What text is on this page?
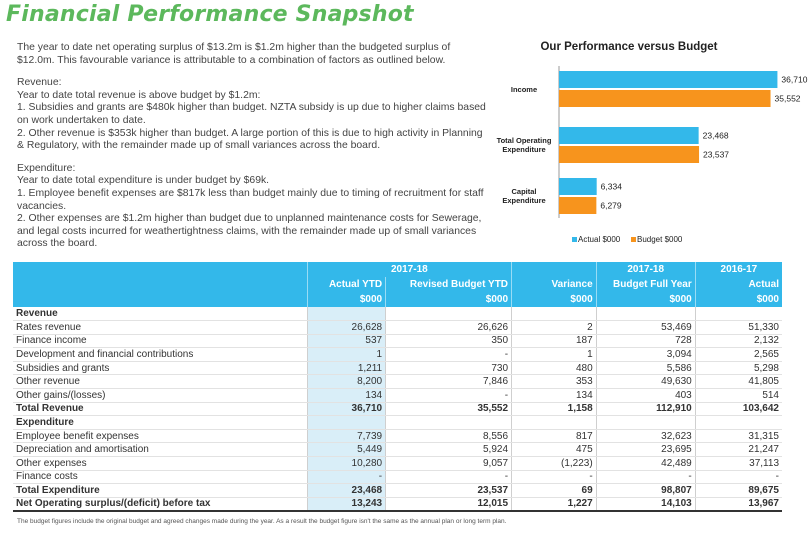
Financial Performance Snapshot

The year to date net operating surplus of $13.2m is $1.2m higher than the budgeted surplus of $12.0m. This favourable variance is attributable to a combination of factors as outlined below.

Revenue:

Year to date total revenue is above budget by $1.2m:

1. Subsidies and grants are $480k higher than budget. NZTA subsidy is up due to higher claims based on work undertaken to date.

2. Other revenue is $353k higher than budget. A large portion of this is due to high activity in Planning & Regulatory, with the remainder made up of small variances across the board.

Expenditure:

Year to date total expenditure is under budget by $69k.

1. Employee benefit expenses are $817k less than budget mainly due to timing of recruitment for staff vacancies.

2. Other expenses are $1.2m higher than budget due to unplanned maintenance costs for Sewerage, and legal costs incurred for weathertightness claims, with the remainder made up of small variances across the board.

Our Performance versus Budget
Income
36,710
35,552
Total Operating Expenditure
23,468
23,537
Capital Expenditure
6,334
6,279
Actual $000 Budget $000
	2017-18			2017-18	2016-17
	Actual YTD	Revised Budget YTD	Variance	Budget Full Year	Actual
	$000	$000	$000	$000	$000
Revenue					
Rates revenue	26,628	26,626	2	53,469	51,330
Finance income	537	350	187	728	2,132
Development and financial contributions	1	-	1	3,094	2,565
Subsidies and grants	1,211	730	480	5,586	5,298
Other revenue	8,200	7,846	353	49,630	41,805
Other gains/(losses)	134	-	134	403	514
Total Revenue	36,710	35,552	1,158	112,910	103,642
Expenditure					
Employee benefit expenses	7,739	8,556	817	32,623	31,315
Depreciation and amortisation	5,449	5,924	475	23,695	21,247
Other expenses	10,280	9,057	(1,223)	42,489	37,113
Finance costs	-	-	-	-	-
Total Expenditure	23,468	23,537	69	98,807	89,675
Net Operating surplus/(deficit) before tax	13,243	12,015	1,227	14,103	13,967
The budget figures include the original budget and agreed changes made during the year. As a result the budget figure isn't the same as the annual plan or long term plan.
